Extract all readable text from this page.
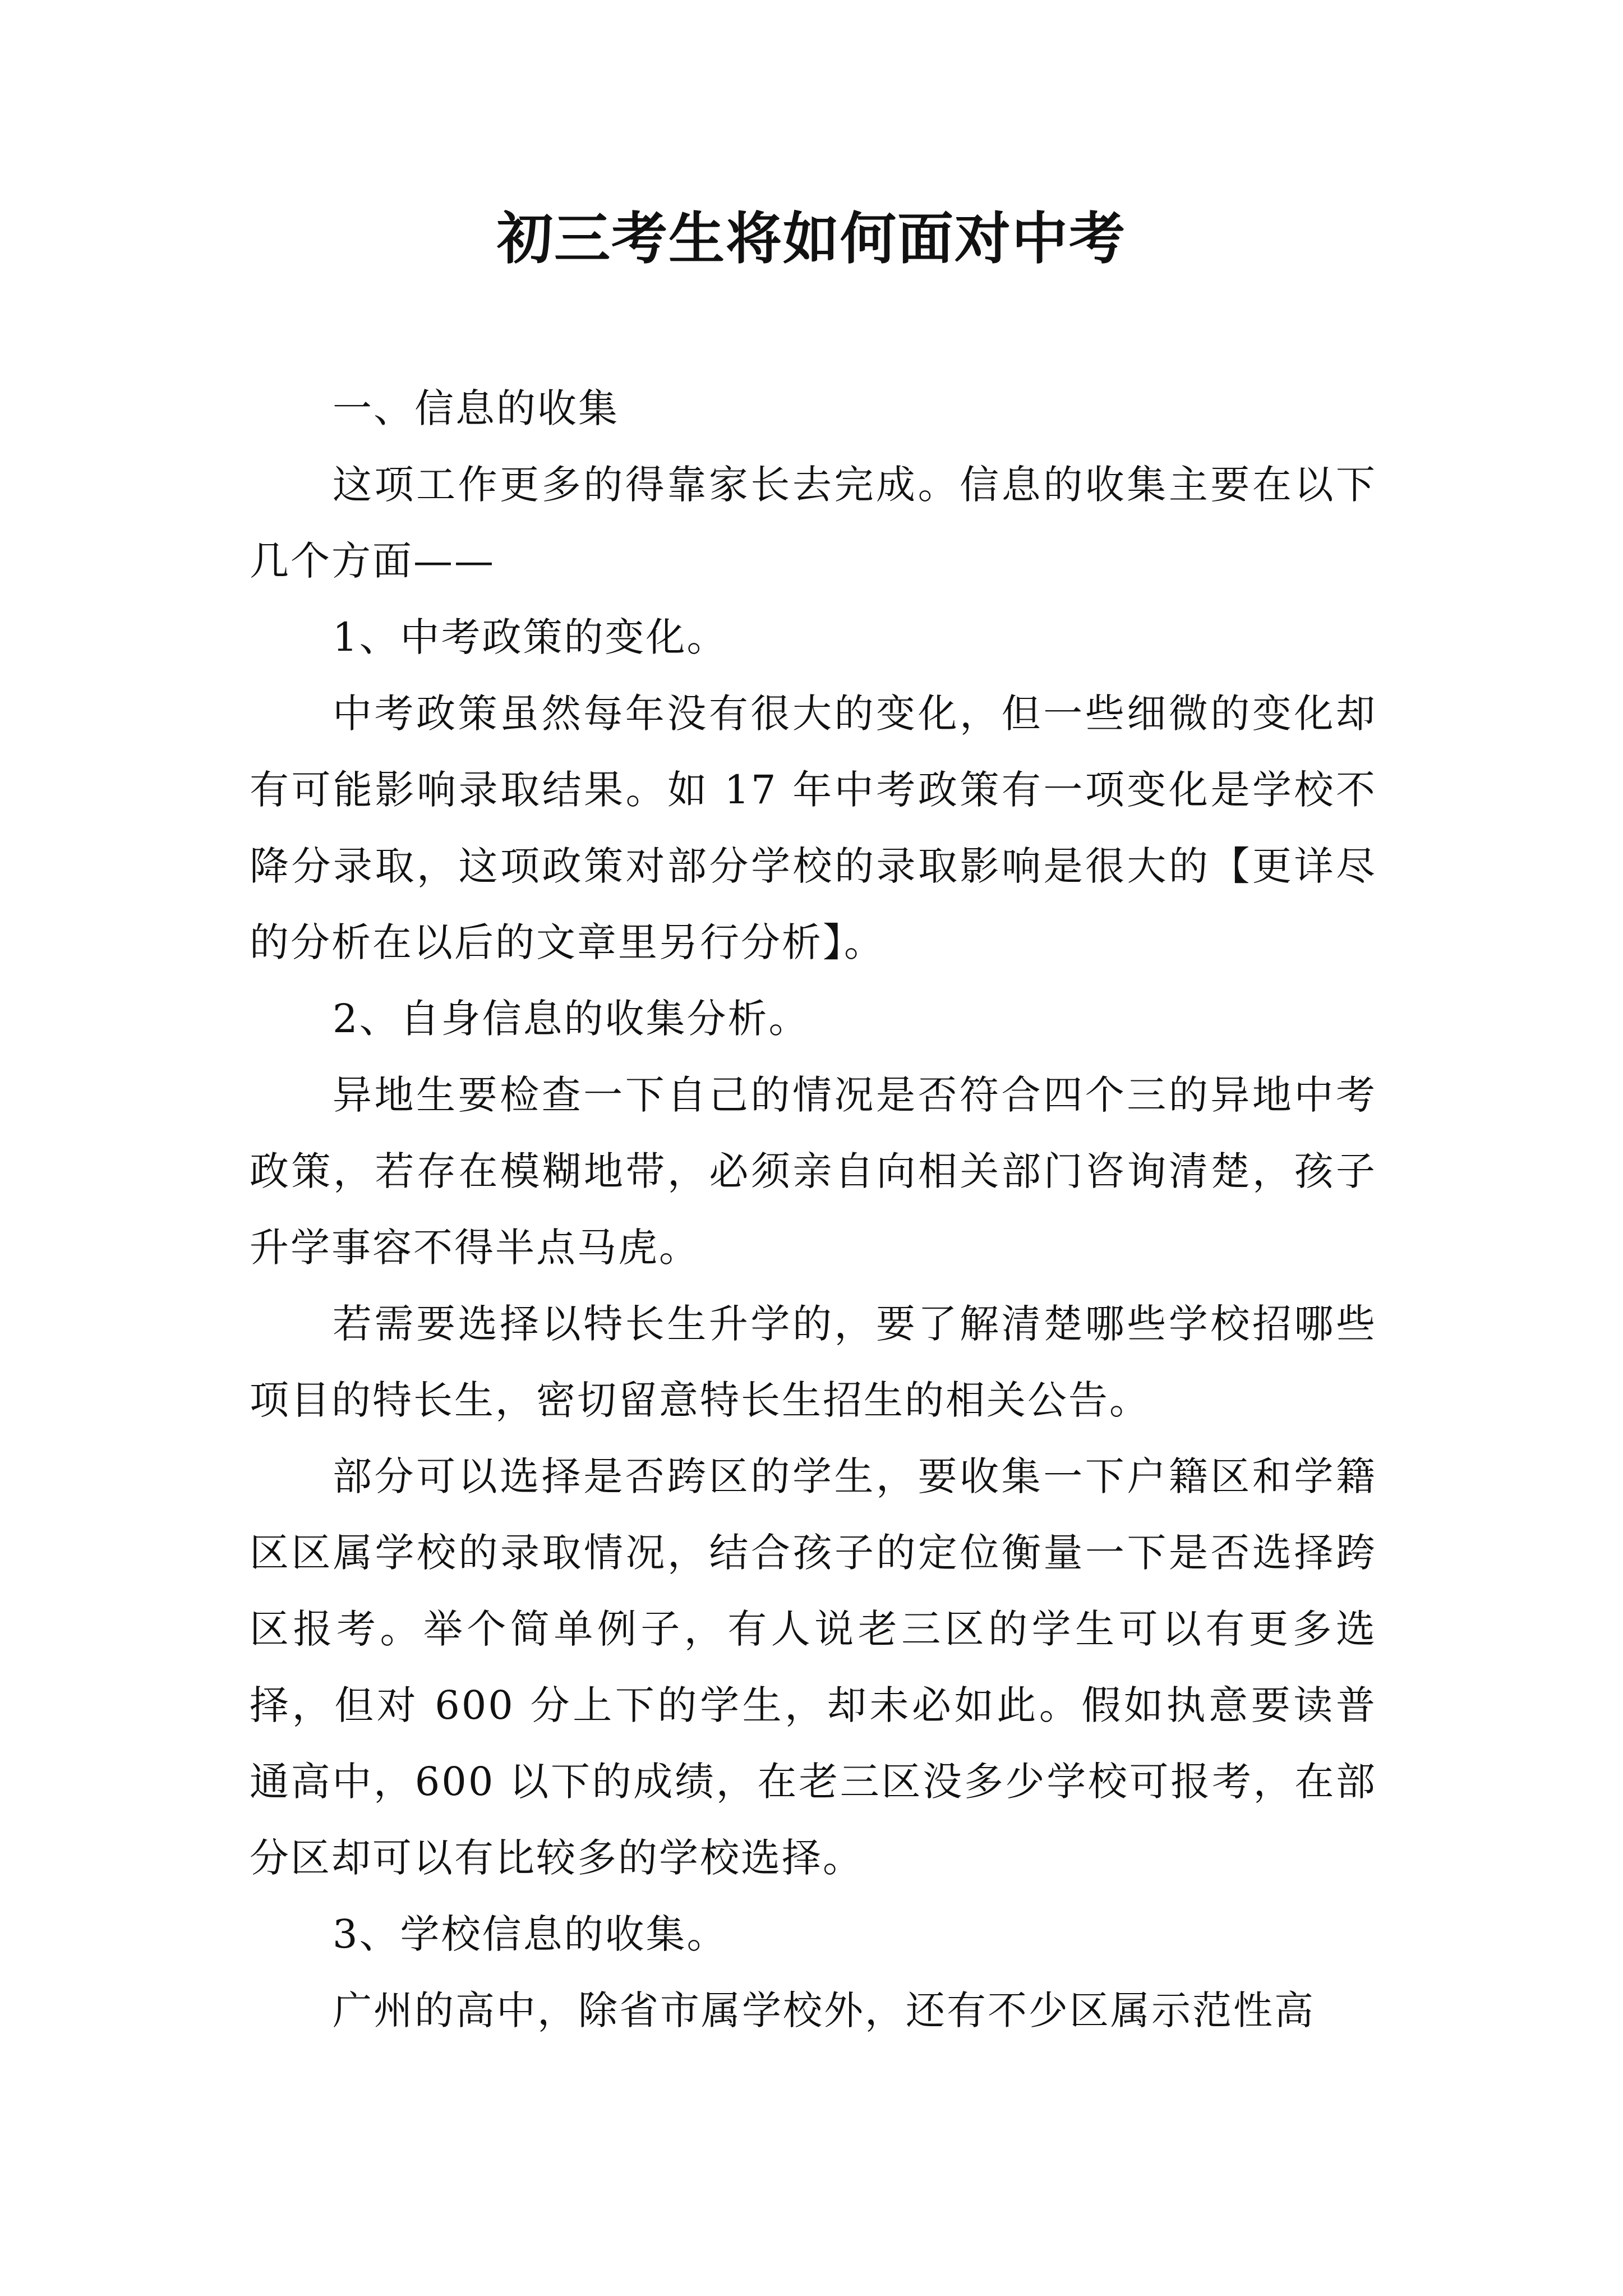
初三考生将如何面对中考

一、信息的收集

这项工作更多的得靠家长去完成。信息的收集主要在以下几个方面——

1、中考政策的变化。

中考政策虽然每年没有很大的变化，但一些细微的变化却有可能影响录取结果。如 17 年中考政策有一项变化是学校不降分录取，这项政策对部分学校的录取影响是很大的【更详尽的分析在以后的文章里另行分析】。

2、自身信息的收集分析。

异地生要检查一下自己的情况是否符合四个三的异地中考政策，若存在模糊地带，必须亲自向相关部门咨询清楚，孩子升学事容不得半点马虎。

若需要选择以特长生升学的，要了解清楚哪些学校招哪些项目的特长生，密切留意特长生招生的相关公告。

部分可以选择是否跨区的学生，要收集一下户籍区和学籍区区属学校的录取情况，结合孩子的定位衡量一下是否选择跨区报考。举个简单例子，有人说老三区的学生可以有更多选择，但对 600 分上下的学生，却未必如此。假如执意要读普通高中，600 以下的成绩，在老三区没多少学校可报考，在部分区却可以有比较多的学校选择。

3、学校信息的收集。

广州的高中，除省市属学校外，还有不少区属示范性高
